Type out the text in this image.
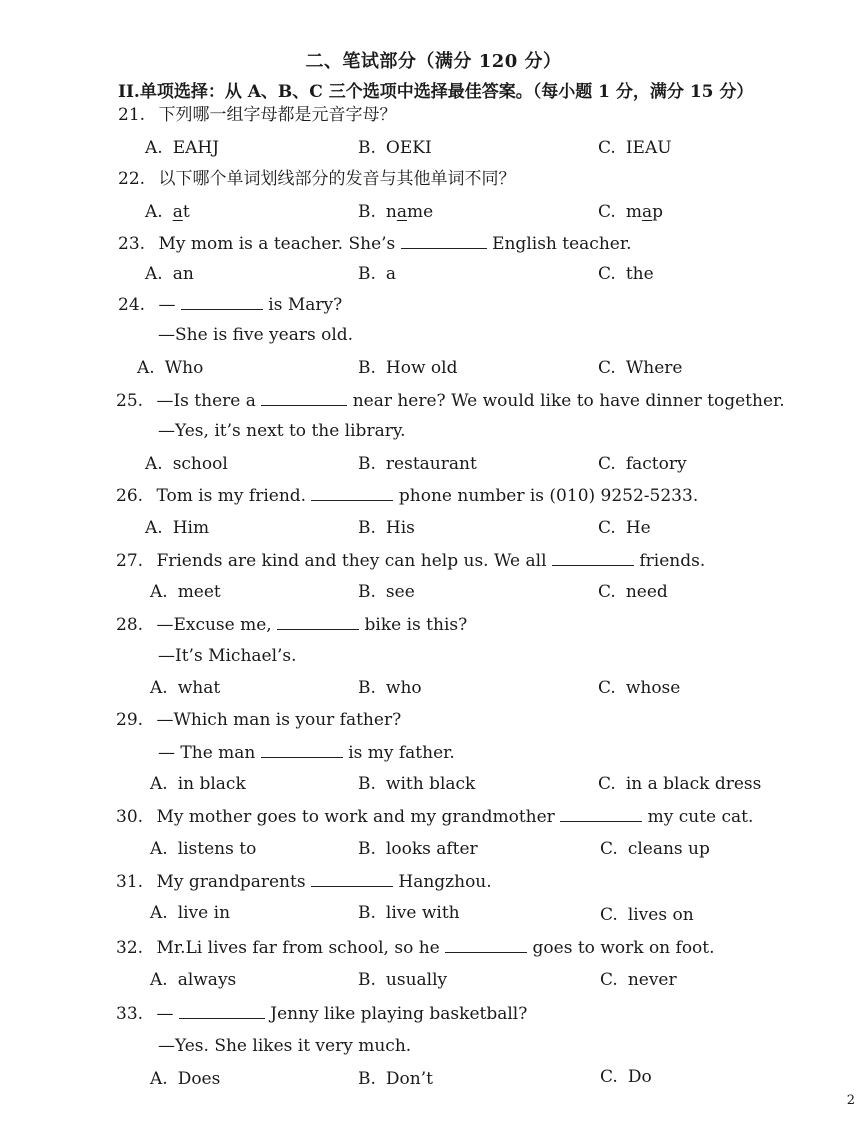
二、笔试部分（满分 120 分）
II.单项选择：从 A、B、C 三个选项中选择最佳答案。（每小题 1 分，满分 15 分）
21. 下列哪一组字母都是元音字母？
A. EAHJ	B. OEKI	C. IEAU
22. 以下哪个单词划线部分的发音与其他单词不同？
A. at	B. name	C. map
23. My mom is a teacher. She’s	English teacher.
A. an	B. a	C. the
24. —	is Mary?
—She is five years old.
A. Who	B. How old	C. Where
25. —Is there a	near here? We would like to have dinner together.
—Yes, it’s next to the library.
A. school	B. restaurant	C. factory
26. Tom is my friend.	phone number is (010) 9252-5233.
A. Him	B. His	C. He
27. Friends are kind and they can help us. We all	friends.
A. meet	B. see	C. need
28. —Excuse me,	bike is this?
—It’s Michael’s.
A. what	B. who	C. whose
29. —Which man is your father?
— The man	is my father.
A. in black	B. with black	C. in a black dress
30. My mother goes to work and my grandmother	my cute cat.
A. listens to	B. looks after	C. cleans up
31. My grandparents	Hangzhou.
A. live in	B. live with	C. lives on
32. Mr.Li lives far from school, so he	goes to work on foot.
A. always	B. usually	C. never
33. —	Jenny like playing basketball?
—Yes. She likes it very much.
A. Does	B. Don’t	C. Do
2
